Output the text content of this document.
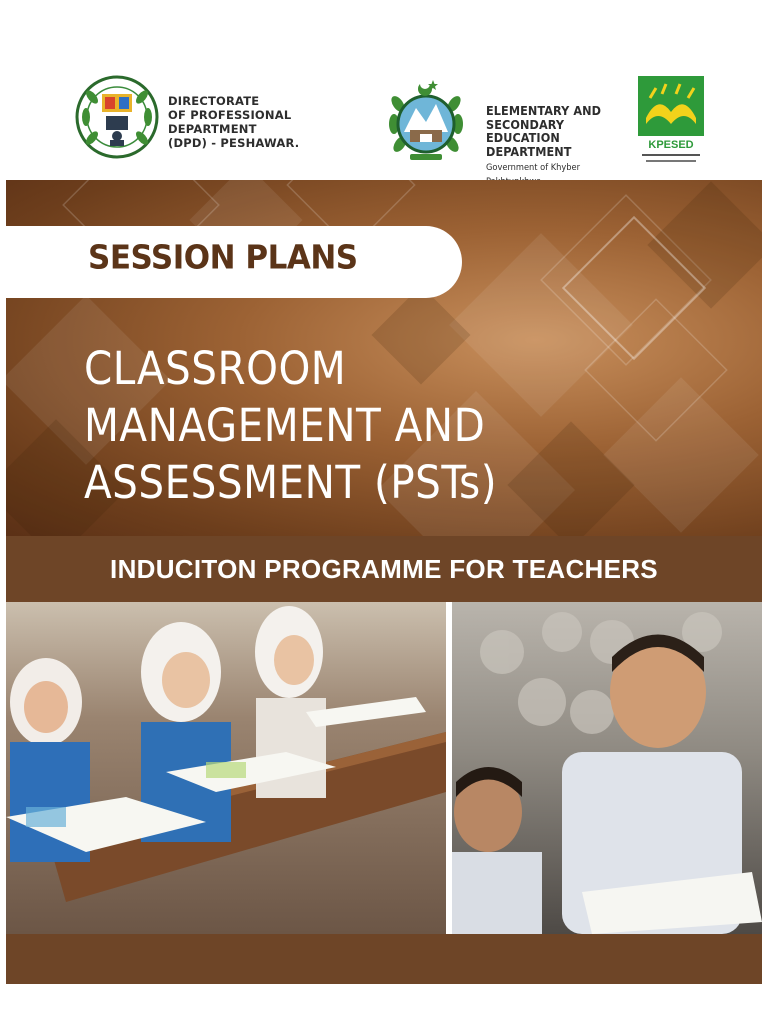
DIRECTORATE
OF PROFESSIONAL DEPARTMENT
(DPD) - PESHAWAR.
ELEMENTARY AND
SECONDARY EDUCATION
DEPARTMENT
Government of Khyber
KPESED
SESSION PLANS
CLASSROOM
MANAGEMENT AND
ASSESSMENT (PSTs)
INDUCITON PROGRAMME FOR TEACHERS
